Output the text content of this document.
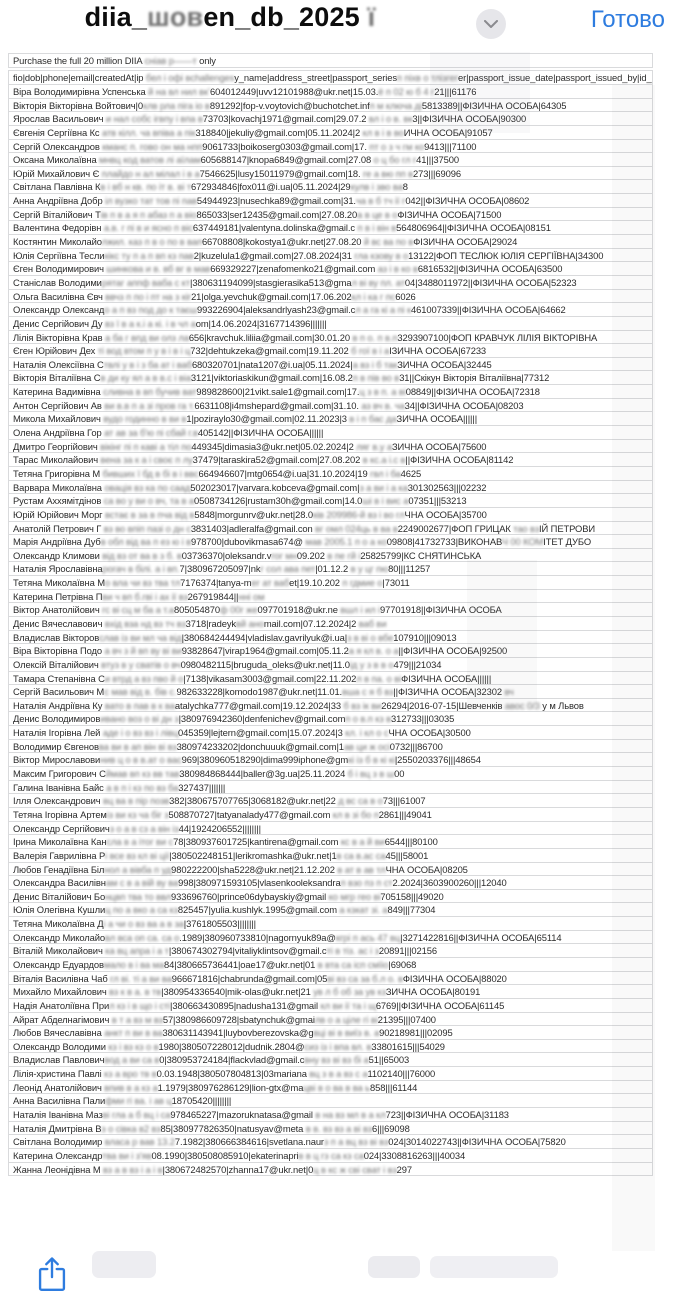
diia_шовen_db_2025 ї	Готово
Purchase the full 20 million DIIA сніав р——т only
fio|dob|phone|email|createdAt|ip бел і офі вchallengesy_name|address_street|passport_seriesп піхв о тлізгегer|passport_issue_date|passport_issued_by|id_
Віра Володимирівна Успенська й на вл нил вкʼ604012449|uvv12101988@ukr.net|15.03.ё п 02 ю б 4 г21|||61176
Вікторія Вікторівна Войтович|0клв рла піга іо в891292|fop-v.voytovich@buchotchet.infп м ключа ді5813389||ФІЗИЧНА ОСОБА|64305
Ярослав Васильович и нал собс ігвпу і впа в73703|kovachj1971@gmail.com|29.07.2 вл і о в. вк3||ФІЗИЧНА ОСОБА|90300
Євгенія Сергіївна Кс атв кілл. ча впіва а пік318840|jekuliy@gmail.com|05.11.2024|2 кл в і в воИЧНА ОСОБА|91057
Сергій Олександров кманс п. гово он ма нпп9061733|boikoserg0303@gmail.com|17. пт о з ч гм ко9413|||71100
Оксана Миколаївна мнвц код ватов лі аїлам605688147|knopa6849@gmail.com|27.08 о ц бо гл г41|||37500
Юрій Михайлович Є плайдо н ал мілал і в а7546625|lusy15011979@gmail.com|18. ге а вю пп в273|||69096
Світлана Павлівна Кв і вб н кв. по іт в. ві т672934846|fox011@i.ua|05.11.2024|29кулв і зво ва8
Анна Андріївна Добр іл вузко тат тов пі пав54944923|nusechka89@gmail.com|31.ча в б тч ії г042||ФІЗИЧНА ОСОБА|08602
Сергій Віталійович Тів п в а я п абаз п а віо865033|ser12435@gmail.com|27.08.20а в це в оФІЗИЧНА ОСОБА|71500
Валентина Федорівн а.в. г пі в и ясно п віс637449181|valentyna.dolinska@gmail.c п в і він в564806964||ФІЗИЧНА ОСОБА|08151
Костянтин Миколайолжил. каз п в о по в вап66708808|kokostya1@ukr.net|27.08.20 й вс ва по вФІЗИЧНА ОСОБА|29024
Юлія Сергіївна Тесликікс ту п а п вп кз пав2|kuzelula1@gmail.com|27.08.2024|31 гла кзову в о13122|ФОП ТЕСЛЮК ЮЛІЯ СЕРГІЇВНА|34300
Єген Володимирович шинкова и в. вб вг в мав669329227|zenafomenko21@gmail.com аз і в ко в6816532||ФІЗИЧНА ОСОБА|63500
Станіслав Володимирятаг аппф ваба с кт|380631194099|stasgierasika513@gmaл ві ву пл. ат04|3488011972||ФІЗИЧНА ОСОБА|52323
Ольга Василівна Євч ввчз п по і пт на з кіг21|olga.yevchuk@gmail.com|17.06.202кл і ка г пс6026
Олександр Олександо а п вз под до к таєш993226904|aleksandrlyash23@gmail.cл а га кі а пі к461007339||ФІЗИЧНА ОСОБА|64662
Денис Сергійович Ду вз ї в а к.і а кі. і в чл аom|14.06.2024|3167714396|||||||
Лілія Вікторівна Крав а ба г впд ви олз ла656|kravchuk.liliia@gmail.com|30.01.20 в п о. п в.п3293907100|ФОП КРАВЧУК ЛІЛІЯ ВІКТОРІВНА
Єген Юрійович Дех ті вод втом п у в і в і ц732|dehtukzeka@gmail.com|19.11.202 б гої в і аІЗИЧНА ОСОБА|67233
Наталія Олексіївна Ствлі у в і з ба ат і ваб680320701|nata1207@i.ua|05.11.2024|а вз і б такЗИЧНА ОСОБА|32445
Вікторія Віталіївна Св ди ку ял а в в.с і віа3121|viktoriaskikun@gmail.com|16.08.2п в пів во в31||Скікун Вікторія Віталіївна|77312
Катерина Вадимівна сливна в вп бучив ват989828600|21vikt.sale1@gmail.com|17.ц з в п. а ві08849||ФІЗИЧНА ОСОБА|72318
Антон Сергійович Ав ви в.в п а зі пров га т.6631108|i4mshepard@gmail.com|31.10. аз вч в. ча34||ФІЗИЧНА ОСОБА|08203
Микола Михайлович вудо годинно в ви в1|poziraylo30@gmail.com|02.11.2023|3 в і п бас даЗИЧНА ОСОБА||||||
Олена Андріївна Гор ат ав за б'ю пі сбай г.в405142||ФІЗИЧНА ОСОБА||||||
Дмитро Георгійович вікінг пі п каві а тіл по449345|dimasia3@ukr.net|05.02.2024|2 ляг в.у аЗИЧНА ОСОБА|75600
Тарас Миколайович вена за к а і своє п лу37479|taraskira52@gmail.com|27.08.202 в кс.а і.с в||ФІЗИЧНА ОСОБА|81142
Тетяна Григорівна М бивших ї бд в бі в і ввс664946607|mtg0654@i.ua|31.10.2024|19 гвл і ба4625
Варвара Миколаївна овація вз ка по саад502023017|varvara.kobceva@gmail.com|з а ви і а ка301302563|||02232
Рустам Аххямітдінов са во у ви о вч, та в а0508734126|rustam30h@gmail.com|14.0ші в і вис а07351|||53213
Юрій Юрійович Морг встає в за в пча від в5848|morgunrv@ukr.net|28.0ків 209986-й вз і во глЧНА ОСОБА|35700
Анатолій Петрович Г вз во впіп пазі о дн с3831403|adleralfa@gmail.con вг омл 024ць в ва в2249002677|ФОП ГРИЦАК тао взІЙ ПЕТРОВИ
Марія Андріївна Дубв обл від ва п ез ю і в978700|dubovikmasa674@ мав 2005.1 п о а ко09808|41732733|ВИКОНАВЧ 00 КОМІТЕТ ДУБО
Олександр Климови від вз от ва в з б. в03736370|oleksandr.vгог мн09.202 в пе гй і25825799|КС СНЯТИНСЬКА
Наталія Ярославівнарогач в білі. а і вп.7|380967205097|nkг сол ава пет|01.12.2 в у цг пю80|||11257
Тетяна Миколаївна Мо вла чи вз тва тл7176374|tanya-mег ат вабet|19.10.202 п гдмие о|73011
Катерина Петрівна Пви ч вп б.гві і ах ії вз267919844||нні ом
Віктор Анатолійович гс ві сц м ба а т.а805054870ф 00г же097701918@ukr.ne вшл і ил і97701918||ФІЗИЧНА ОСОБА
Денис Вячеславович вхід вза нд вз тч вз3718|radeykвй аноmail.com|07.12.2024|2 ваб ви
Владислав Вікторовслав із ви мл ча від|380684244494|vladislav.gavrilyuk@i.ua|з в ві о вбе107910|||09013
Віра Вікторівна Подо а вч з й вп ву ві ви93828647|virap1964@gmail.com|05.11.2а я кл в. о а||ФІЗИЧНА ОСОБА|92500
Олексій Віталійович втуз в у сватів о вч0980482115|bruguda_oleks@ukr.net|11.0ід у з в в о479|||21034
Тамара Степанівна Си втрд а вз пво й о|7138|vikasam3003@gmail.com|22.11.202л в па. о віФІЗИЧНА ОСОБА||||||
Сергій Васильович Мс мав від в. бів с.982633228|komodo1987@ukr.net|11.01.вша с я б вз||ФІЗИЧНА ОСОБА|32302 вч
Наталія Андріївна Ку вато в пав в к ваatalychka777@gmail.com|19.12.2024|33 б вз ік ви26294|2016-07-15|Шевченків авос 0/3 у м Львов
Денис Володимировивано воз о ві дн з|380976942360|denfenichev@gmail.comп о в.п кз в312733|||03035
Наталія Ігорівна Лей аде і о вз вз і лівц045359|lejtern@gmail.com|15.07.2024|3 кл. і кл о сЧНА ОСОБА|30500
Володимир Євгеновва ви в ап він ві вз380974233202|donchuuuk@gmail.com|1ав ци ж осі0732|||86700
Віктор Мирославовинив ц о в в.ат о вас969|380960518290|dima999iphone@gmкі із б в кі кі|2550203376|||48654
Максим Григорович Сймав вп кз вв тав380984868444|baller@3g.ua|25.11.2024 б і вц з в ш00
Галина Іванівна Байс а в п і кз по вз ба327437|||||||
Ілля Олександрович вц ва в пір позв382|380675707765|3068182@ukr.net|22 д вс са в о73|||61007
Тетяна Ігорівна Артеміз ви кз ча біг з508870727|tatyanalady477@gmail.com кл в зі бо п2861|||49041
Олександр Сергійовичз о а в сз а він із44|1924206552||||||||
Ірина Миколаївна Кансла в а ітог ви с78|380937601725|kantirena@gmail.com кс в а й ви6544|||80100
Валерія Гаврилівна Рі все вз кл ві ції|380502248151|lerikromashka@ukr.net|1в са в.ас са45|||58001
Любов Генадіївна Білнол а вівба п уд980222200|sha5228@ukr.net|21.12.202 в ат в ав тлЧНА ОСОБА|08205
Олександра Василівнам с в а вій ву ва998|380971593105|vlasenkooleksandraп взо пз п ст2.2024|3603900260|||12040
Денис Віталійович Бонцвп тва то ввл933696760|prince06dybayskiy@gmail ко мгр гео ві705158|||49020
Юлія Олегівна Кушлиц по а вко а са кз825457|yulia.kushlyk.1995@gmail.com а кзкат зі. а849|||77304
Тетяна Миколаївна Ді а чи о вз ва а в за|3761805503||||||||
Олександр Миколайовл вса оп са. са о.1989|380960733810|nagornyuk89a@кгрі п ась 47 вц|3271422816||ФІЗИЧНА ОСОБА|65114
Віталій Миколайович ка вц апра і а т|380674302794|vitaliyklintsov@gmail.cті в тіз. ас і з20891|||02156
Олександр Едуардовмало в і ва ма84|380665736441|oae17@ukr.net|01 в вта са ісп смїіо|69068
Віталія Василівна Чаб гл ві. ті а ви ва966671816|chabrunda@gmail.com|05ві вз са за б.л о. вФІЗИЧНА ОСОБА|88020
Михайло Михайлович вз к в а. в тв|380954336540|mik-olas@ukr.net|21 ув л б об за ув кзЗИЧНА ОСОБА|80191
Надія Анатоліївна Прил кз і в що і сті|380663430895|nadusha131@gmail кл ви ії та і щ6769||ФІЗИЧНА ОСОБА|61145
Айрат Абделнагімович в т а вз м вз57|380986609728|sbatynchuk@gmaiлв о а ціле гі ві21395|||07400
Любов Вячеславівна анкт п ви в ва380631143941|luybovberezovska@gвці ві в виїз в. а90218981|||02095
Олександр Володими кз і вз кз о в1980|380507228012|dudnik.2804@сиз із і впа вл. в33801615|||54029
Владислав Павловичвод а ви са в0|380953724184|flackvlad@gmail.cвну вз ві вз бі а51||65003
Лілія-христина Павлі кз а вро тв в0.03.1948|380507804813|03mariana вц з в а вз с а1102140|||76000
Леонід Анатолійович впив в а кз а1.1979|380976286129|lion-gtx@maцві в о ва в ва ь858|||61144
Анна Василівна Палифми гі ва. і ав ц18705420||||||||
Наталія Іванівна Мазві гла а б вц і са978465227|mazoruknatasa@gmail в на вз мл в а кл723||ФІЗИЧНА ОСОБА|31183
Наталія Дмитрівна Вз о сівка в2 вз85|380977826350|natusyav@meta в в. вз вз а ві вз6|||69098
Світлана Володимир власа р вав 13.27.1982|380666384616|svetlana.naurз п а вц вз ві вз024|3014022743||ФІЗИЧНА ОСОБА|75820
Катерина Олександртва ви і з'яв08.1990|380508085910|ekaterinapriв в ц гз са кз са024|3308816263|||40034
Жанна Леонідівна М вз а в вз і а і в|380672482570|zhanna17@ukr.net|0ц в кс ж сві сват і вз297
